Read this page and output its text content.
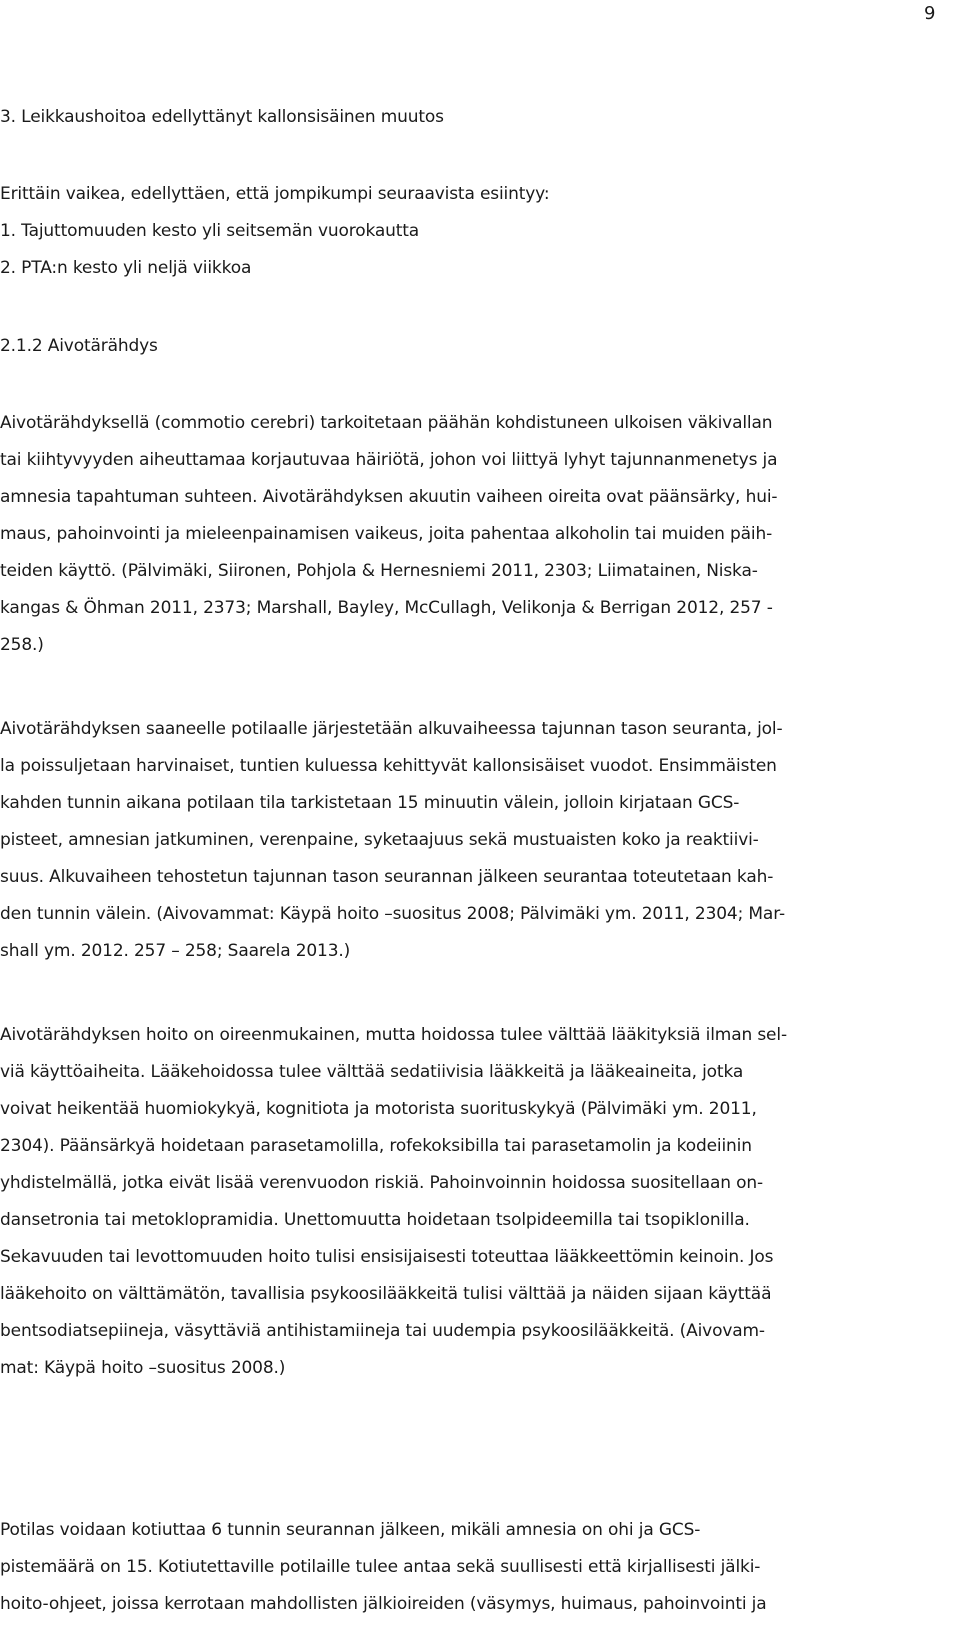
9
3. Leikkaushoitoa edellyttänyt kallonsisäinen muutos
Erittäin vaikea, edellyttäen, että jompikumpi seuraavista esiintyy:
1. Tajuttomuuden kesto yli seitsemän vuorokautta
2. PTA:n kesto yli neljä viikkoa
2.1.2 Aivotärähdys
Aivotärähdyksellä (commotio cerebri) tarkoitetaan päähän kohdistuneen ulkoisen väkivallan
tai kiihtyvyyden aiheuttamaa korjautuvaa häiriötä, johon voi liittyä lyhyt tajunnanmenetys ja
amnesia tapahtuman suhteen. Aivotärähdyksen akuutin vaiheen oireita ovat päänsärky, hui-
maus, pahoinvointi ja mieleenpainamisen vaikeus, joita pahentaa alkoholin tai muiden päih-
teiden käyttö. (Pälvimäki, Siironen, Pohjola & Hernesniemi 2011, 2303; Liimatainen, Niska-
kangas & Öhman 2011, 2373; Marshall, Bayley, McCullagh, Velikonja & Berrigan 2012, 257 -
258.)
Aivotärähdyksen saaneelle potilaalle järjestetään alkuvaiheessa tajunnan tason seuranta, jol-
la poissuljetaan harvinaiset, tuntien kuluessa kehittyvät kallonsisäiset vuodot. Ensimmäisten
kahden tunnin aikana potilaan tila tarkistetaan 15 minuutin välein, jolloin kirjataan GCS-
pisteet, amnesian jatkuminen, verenpaine, syketaajuus sekä mustuaisten koko ja reaktiivi-
suus. Alkuvaiheen tehostetun tajunnan tason seurannan jälkeen seurantaa toteutetaan kah-
den tunnin välein. (Aivovammat: Käypä hoito –suositus 2008; Pälvimäki ym. 2011, 2304; Mar-
shall ym. 2012. 257 – 258; Saarela 2013.)
Aivotärähdyksen hoito on oireenmukainen, mutta hoidossa tulee välttää lääkityksiä ilman sel-
viä käyttöaiheita. Lääkehoidossa tulee välttää sedatiivisia lääkkeitä ja lääkeaineita, jotka
voivat heikentää huomiokykyä, kognitiota ja motorista suorituskykyä (Pälvimäki ym. 2011,
2304). Päänsärkyä hoidetaan parasetamolilla, rofekoksibilla tai parasetamolin ja kodeiinin
yhdistelmällä, jotka eivät lisää verenvuodon riskiä. Pahoinvoinnin hoidossa suositellaan on-
dansetronia tai metoklopramidia. Unettomuutta hoidetaan tsolpideemilla tai tsopiklonilla.
Sekavuuden tai levottomuuden hoito tulisi ensisijaisesti toteuttaa lääkkeettömin keinoin. Jos
lääkehoito on välttämätön, tavallisia psykoosilääkkeitä tulisi välttää ja näiden sijaan käyttää
bentsodiatsepiineja, väsyttäviä antihistamiineja tai uudempia psykoosilääkkeitä. (Aivovam-
mat: Käypä hoito –suositus 2008.)
Potilas voidaan kotiuttaa 6 tunnin seurannan jälkeen, mikäli amnesia on ohi ja GCS-
pistemäärä on 15. Kotiutettaville potilaille tulee antaa sekä suullisesti että kirjallisesti jälki-
hoito-ohjeet, joissa kerrotaan mahdollisten jälkioireiden (väsymys, huimaus, pahoinvointi ja
